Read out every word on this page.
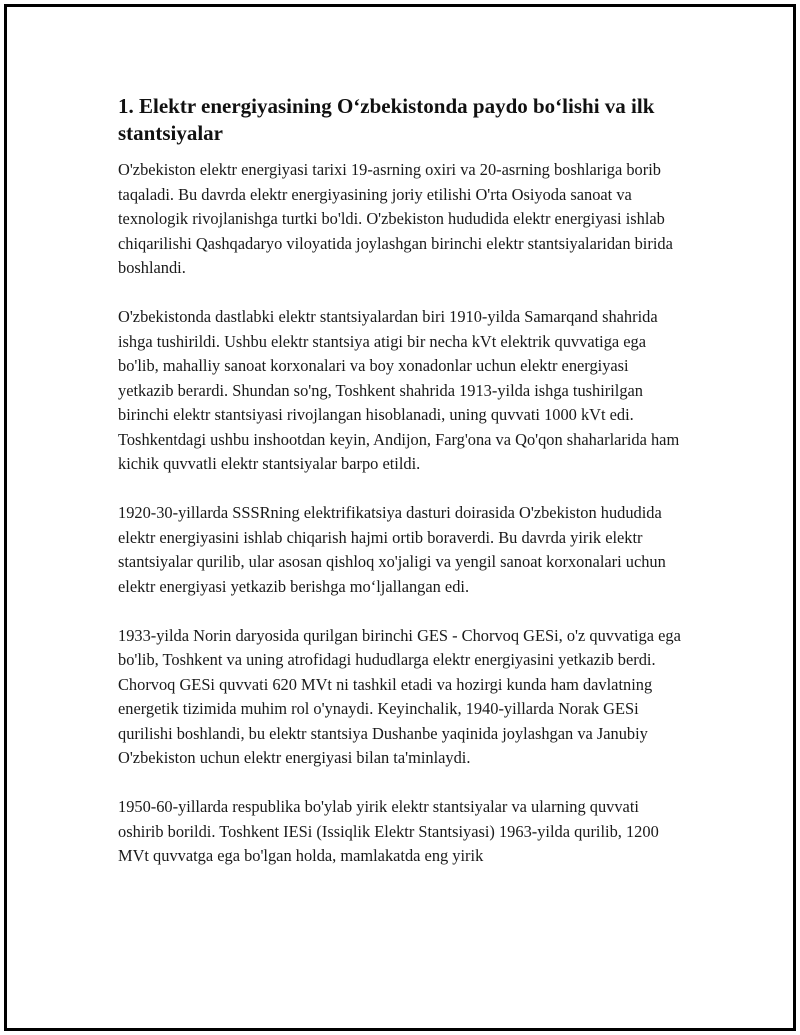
1. Elektr energiyasining O‘zbekistonda paydo bo‘lishi va ilk stantsiyalar

O'zbekiston elektr energiyasi tarixi 19-asrning oxiri va 20-asrning boshlariga borib taqaladi. Bu davrda elektr energiyasining joriy etilishi O'rta Osiyoda sanoat va texnologik rivojlanishga turtki bo'ldi. O'zbekiston hududida elektr energiyasi ishlab chiqarilishi Qashqadaryo viloyatida joylashgan birinchi elektr stantsiyalaridan birida boshlandi.

O'zbekistonda dastlabki elektr stantsiyalardan biri 1910-yilda Samarqand shahrida ishga tushirildi. Ushbu elektr stantsiya atigi bir necha kVt elektrik quvvatiga ega bo'lib, mahalliy sanoat korxonalari va boy xonadonlar uchun elektr energiyasi yetkazib berardi. Shundan so'ng, Toshkent shahrida 1913-yilda ishga tushirilgan birinchi elektr stantsiyasi rivojlangan hisoblanadi, uning quvvati 1000 kVt edi. Toshkentdagi ushbu inshootdan keyin, Andijon, Farg'ona va Qo'qon shaharlarida ham kichik quvvatli elektr stantsiyalar barpo etildi.

1920-30-yillarda SSSRning elektrifikatsiya dasturi doirasida O'zbekiston hududida elektr energiyasini ishlab chiqarish hajmi ortib boraverdi. Bu davrda yirik elektr stantsiyalar qurilib, ular asosan qishloq xo'jaligi va yengil sanoat korxonalari uchun elektr energiyasi yetkazib berishga mo‘ljallangan edi.

1933-yilda Norin daryosida qurilgan birinchi GES - Chorvoq GESi, o'z quvvatiga ega bo'lib, Toshkent va uning atrofidagi hududlarga elektr energiyasini yetkazib berdi. Chorvoq GESi quvvati 620 MVt ni tashkil etadi va hozirgi kunda ham davlatning energetik tizimida muhim rol o'ynaydi. Keyinchalik, 1940-yillarda Norak GESi qurilishi boshlandi, bu elektr stantsiya Dushanbe yaqinida joylashgan va Janubiy O'zbekiston uchun elektr energiyasi bilan ta'minlaydi.

1950-60-yillarda respublika bo'ylab yirik elektr stantsiyalar va ularning quvvati oshirib borildi. Toshkent IESi (Issiqlik Elektr Stantsiyasi) 1963-yilda qurilib, 1200 MVt quvvatga ega bo'lgan holda, mamlakatda eng yirik
